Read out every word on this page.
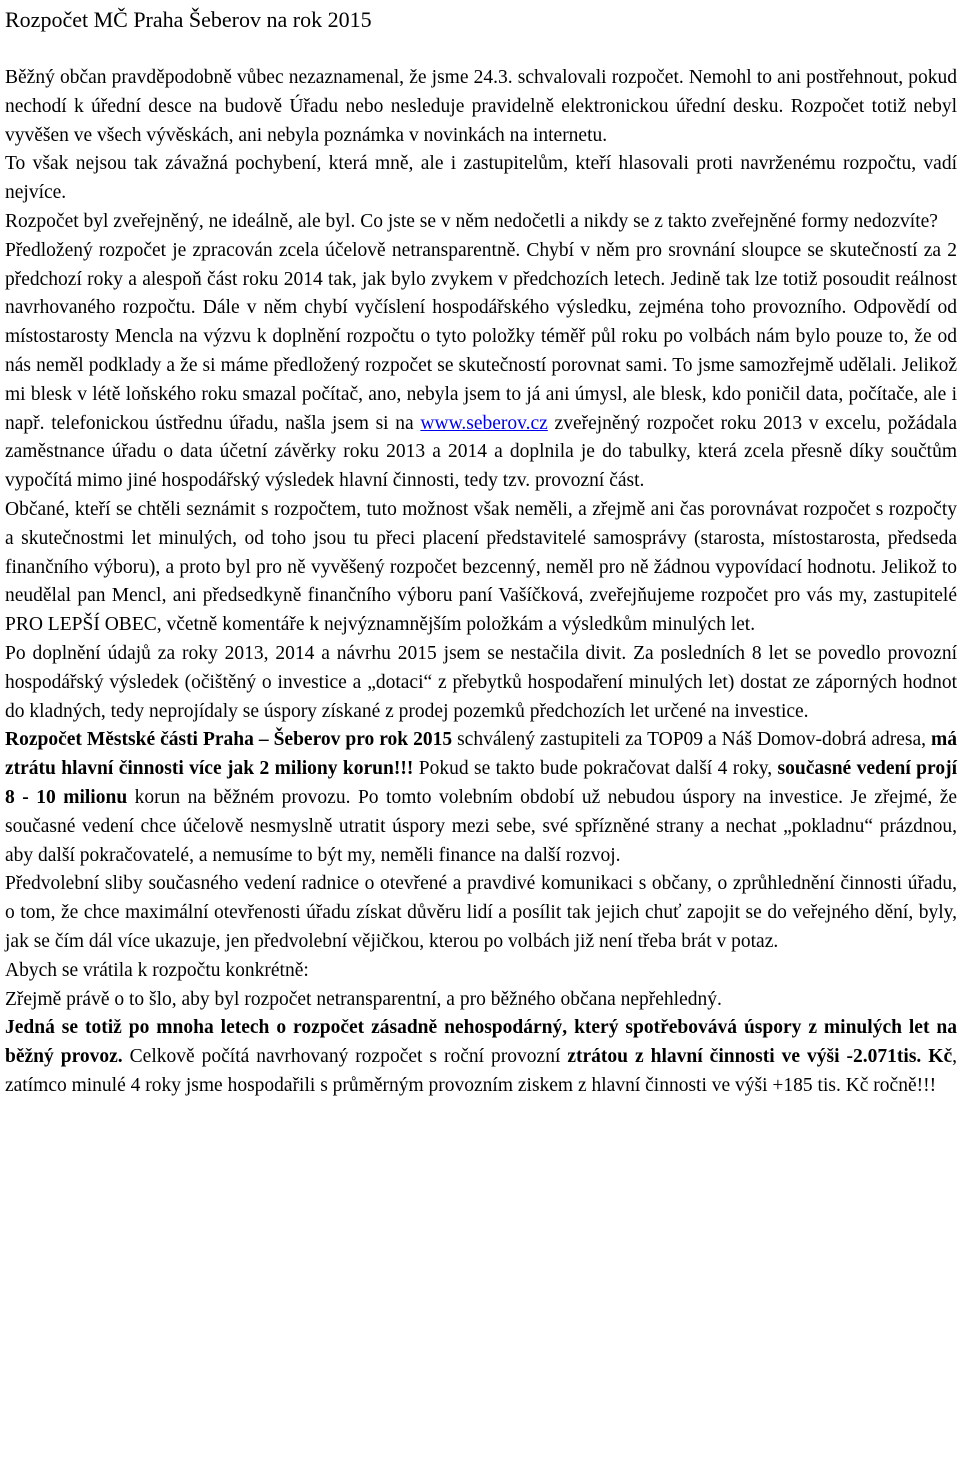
Rozpočet MČ Praha Šeberov na rok 2015

Běžný občan pravděpodobně vůbec nezaznamenal, že jsme 24.3. schvalovali rozpočet. Nemohl to ani postřehnout, pokud nechodí k úřední desce na budově Úřadu nebo nesleduje pravidelně elektronickou úřední desku. Rozpočet totiž nebyl vyvěšen ve všech vývěskách, ani nebyla poznámka v novinkách na internetu.

To však nejsou tak závažná pochybení, která mně, ale i zastupitelům, kteří hlasovali proti navrženému rozpočtu, vadí nejvíce.

Rozpočet byl zveřejněný, ne ideálně, ale byl. Co jste se v něm nedočetli a nikdy se z takto zveřejněné formy nedozvíte?

Předložený rozpočet je zpracován zcela účelově netransparentně. Chybí v něm pro srovnání sloupce se skutečností za 2 předchozí roky a alespoň část roku 2014 tak, jak bylo zvykem v předchozích letech. Jedině tak lze totiž posoudit reálnost navrhovaného rozpočtu. Dále v něm chybí vyčíslení hospodářského výsledku, zejména toho provozního. Odpovědí od místostarosty Mencla na výzvu k doplnění rozpočtu o tyto položky téměř půl roku po volbách nám bylo pouze to, že od nás neměl podklady a že si máme předložený rozpočet se skutečností porovnat sami. To jsme samozřejmě udělali. Jelikož mi blesk v létě loňského roku smazal počítač, ano, nebyla jsem to já ani úmysl, ale blesk, kdo poničil data, počítače, ale i např. telefonickou ústřednu úřadu, našla jsem si na www.seberov.cz zveřejněný rozpočet roku 2013 v excelu, požádala zaměstnance úřadu o data účetní závěrky roku 2013 a 2014 a doplnila je do tabulky, která zcela přesně díky součtům vypočítá mimo jiné hospodářský výsledek hlavní činnosti, tedy tzv. provozní část.

Občané, kteří se chtěli seznámit s rozpočtem, tuto možnost však neměli, a zřejmě ani čas porovnávat rozpočet s rozpočty a skutečnostmi let minulých, od toho jsou tu přeci placení představitelé samosprávy (starosta, místostarosta, předseda finančního výboru), a proto byl pro ně vyvěšený rozpočet bezcenný, neměl pro ně žádnou vypovídací hodnotu. Jelikož to neudělal pan Mencl, ani předsedkyně finančního výboru paní Vašíčková, zveřejňujeme rozpočet pro vás my, zastupitelé PRO LEPŠÍ OBEC, včetně komentáře k nejvýznamnějším položkám a výsledkům minulých let.

Po doplnění údajů za roky 2013, 2014 a návrhu 2015 jsem se nestačila divit. Za posledních 8 let se povedlo provozní hospodářský výsledek (očištěný o investice a „dotaci“ z přebytků hospodaření minulých let) dostat ze záporných hodnot do kladných, tedy neprojídaly se úspory získané z prodej pozemků předchozích let určené na investice.

Rozpočet Městské části Praha – Šeberov pro rok 2015 schválený zastupiteli za TOP09 a Náš Domov-dobrá adresa, má ztrátu hlavní činnosti více jak 2 miliony korun!!! Pokud se takto bude pokračovat další 4 roky, současné vedení projí 8 - 10 milionu korun na běžném provozu. Po tomto volebním období už nebudou úspory na investice. Je zřejmé, že současné vedení chce účelově nesmyslně utratit úspory mezi sebe, své spřízněné strany a nechat „pokladnu“ prázdnou, aby další pokračovatelé, a nemusíme to být my, neměli finance na další rozvoj.

Předvolební sliby současného vedení radnice o otevřené a pravdivé komunikaci s občany, o zprůhlednění činnosti úřadu, o tom, že chce maximální otevřenosti úřadu získat důvěru lidí a posílit tak jejich chuť zapojit se do veřejného dění, byly, jak se čím dál více ukazuje, jen předvolební vějičkou, kterou po volbách již není třeba brát v potaz.

Abych se vrátila k rozpočtu konkrétně:

Zřejmě právě o to šlo, aby byl rozpočet netransparentní, a pro běžného občana nepřehledný.

Jedná se totiž po mnoha letech o rozpočet zásadně nehospodárný, který spotřebovává úspory z minulých let na běžný provoz. Celkově počítá navrhovaný rozpočet s roční provozní ztrátou z hlavní činnosti ve výši -2.071tis. Kč, zatímco minulé 4 roky jsme hospodařili s průměrným provozním ziskem z hlavní činnosti ve výši +185 tis. Kč ročně!!!
